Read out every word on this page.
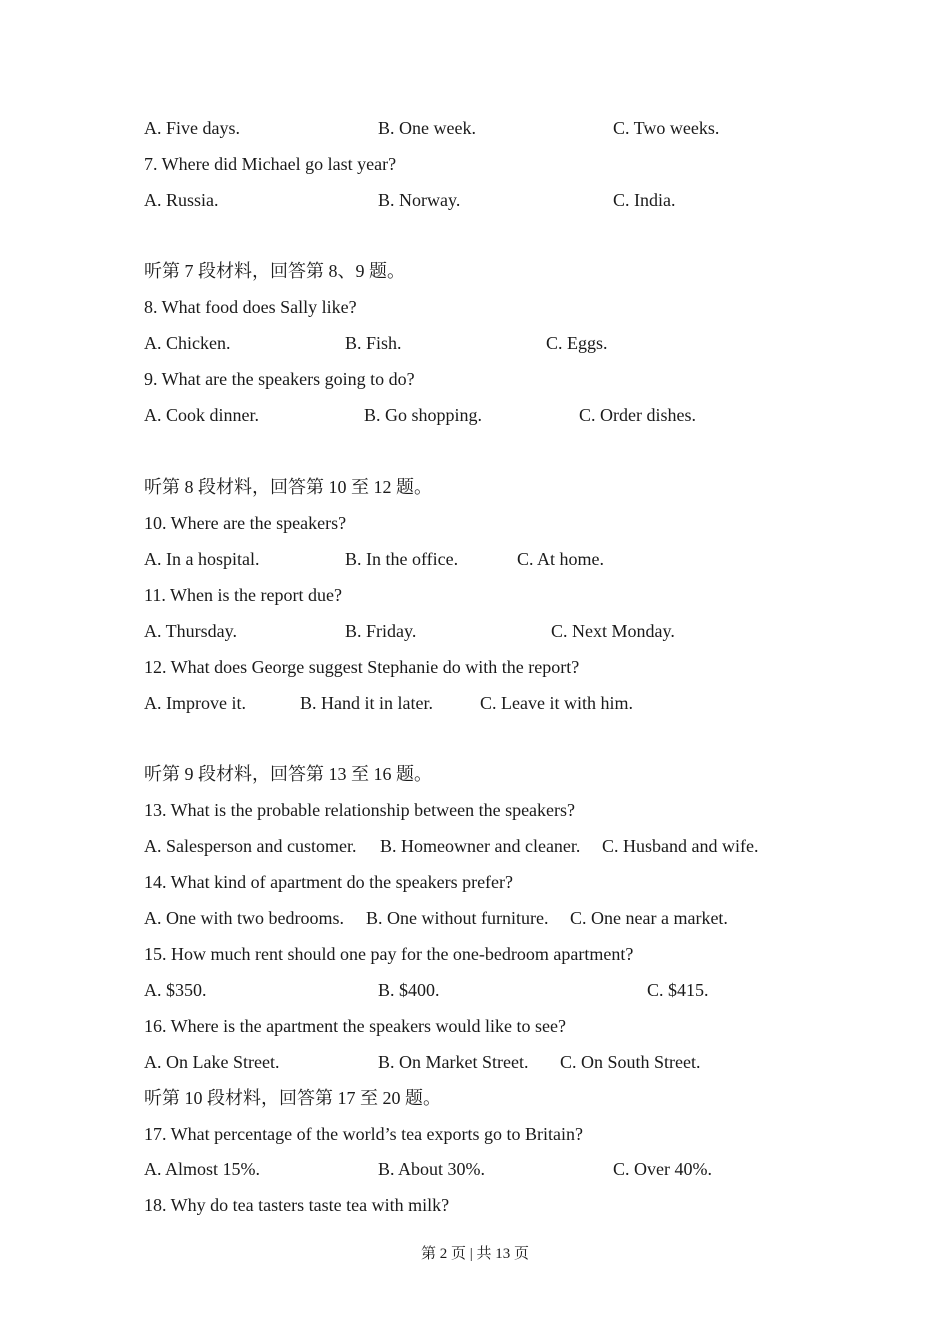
A. Five days.	B. One week.	C. Two weeks.
7. Where did Michael go last year?
A. Russia.	B. Norway.	C. India.
听第 7 段材料，回答第 8、9 题。
8. What food does Sally like?
A. Chicken.	B. Fish.	C. Eggs.
9. What are the speakers going to do?
A. Cook dinner.	B. Go shopping.	C. Order dishes.
听第 8 段材料，回答第 10 至 12 题。
10. Where are the speakers?
A. In a hospital.	B. In the office.	C. At home.
11. When is the report due?
A. Thursday.	B. Friday.	C. Next Monday.
12. What does George suggest Stephanie do with the report?
A. Improve it.	B. Hand it in later.	C. Leave it with him.
听第 9 段材料，回答第 13 至 16 题。
13. What is the probable relationship between the speakers?
A. Salesperson and customer. B. Homeowner and cleaner. C. Husband and wife.
14. What kind of apartment do the speakers prefer?
A. One with two bedrooms. B. One without furniture. C. One near a market.
15. How much rent should one pay for the one-bedroom apartment?
A. $350.	B. $400.	C. $415.
16. Where is the apartment the speakers would like to see?
A. On Lake Street.	B. On Market Street. C. On South Street.
听第 10 段材料，回答第 17 至 20 题。
17. What percentage of the world’s tea exports go to Britain?
A. Almost 15%.	B. About 30%.	C. Over 40%.
18. Why do tea tasters taste tea with milk?
第 2 页 | 共 13 页
